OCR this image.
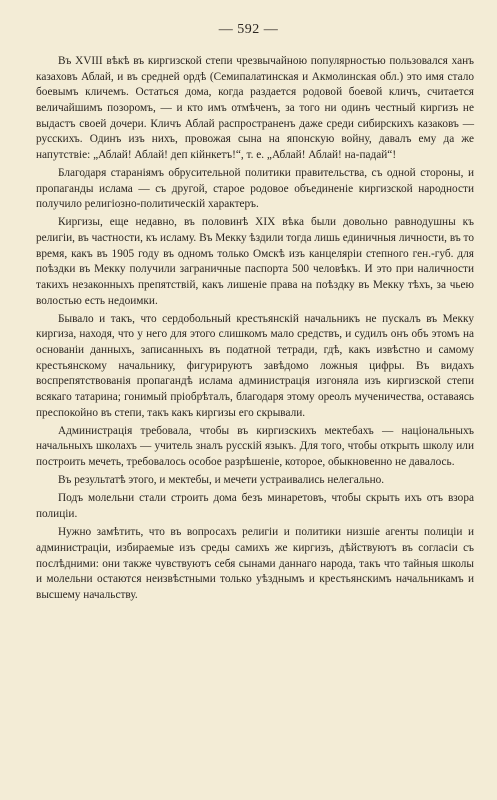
— 592 —

Въ XVIII вѣкѣ въ киргизской степи чрезвычайною популярностью пользовался ханъ казаховъ Аблай, и въ средней ордѣ (Семипалатинская и Акмолинская обл.) это имя стало боевымъ кличемъ. Остаться дома, когда раздается родовой боевой кличъ, считается величайшимъ позоромъ, — и кто имъ отмѣченъ, за того ни одинъ честный киргизъ не выдастъ своей дочери. Кличъ Аблай распространенъ даже среди сибирскихъ казаковъ — русскихъ. Одинъ изъ нихъ, провожая сына на японскую войну, давалъ ему да же напутствіе: „Аблай! Аблай! деп кійнкетъ!“, т. е. „Аблай! Аблай! на-падай“!

Благодаря стараніямъ обрусительной политики правительства, съ одной стороны, и пропаганды ислама — съ другой, старое родовое объединеніе киргизской народности получило религіозно-политическій характеръ.

Киргизы, еще недавно, въ половинѣ XIX вѣка были довольно равнодушны къ религіи, въ частности, къ исламу. Въ Мекку ѣздили тогда лишь единичныя личности, въ то время, какъ въ 1905 году въ одномъ только Омскѣ изъ канцеляріи степного ген.-губ. для поѣздки въ Мекку получили заграничные паспорта 500 человѣкъ. И это при наличности такихъ незаконныхъ препятствій, какъ лишеніе права на поѣздку въ Мекку тѣхъ, за чьею волостью есть недоимки.

Бывало и такъ, что сердобольный крестьянскій начальникъ не пускалъ въ Мекку киргиза, находя, что у него для этого слишкомъ мало средствъ, и судилъ онъ объ этомъ на основаніи данныхъ, записанныхъ въ податной тетради, гдѣ, какъ извѣстно и самому крестьянскому начальнику, фигурируютъ завѣдомо ложныя цифры. Въ видахъ воспрепятствованія пропагандѣ ислама администрація изгоняла изъ киргизской степи всякаго татарина; гонимый пріобрѣталъ, благодаря этому ореолъ мученичества, оставаясь преспокойно въ степи, такъ какъ киргизы его скрывали.

Администрація требовала, чтобы въ киргизскихъ мектебахъ — національныхъ начальныхъ школахъ — учитель зналъ русскій языкъ. Для того, чтобы открыть школу или построить мечеть, требовалось особое разрѣшеніе, которое, обыкновенно не давалось.

Въ результатѣ этого, и мектебы, и мечети устраивались нелегально.

Подъ молельни стали строить дома безъ минаретовъ, чтобы скрыть ихъ отъ взора полиціи.

Нужно замѣтить, что въ вопросахъ религіи и политики низшіе агенты полиціи и администраціи, избираемые изъ среды самихъ же киргизъ, дѣйствуютъ въ согласіи съ послѣдними: они также чувствуютъ себя сынами даннаго народа, такъ что тайныя школы и молельни остаются неизвѣстными только уѣзднымъ и крестьянскимъ начальникамъ и высшему начальству.
